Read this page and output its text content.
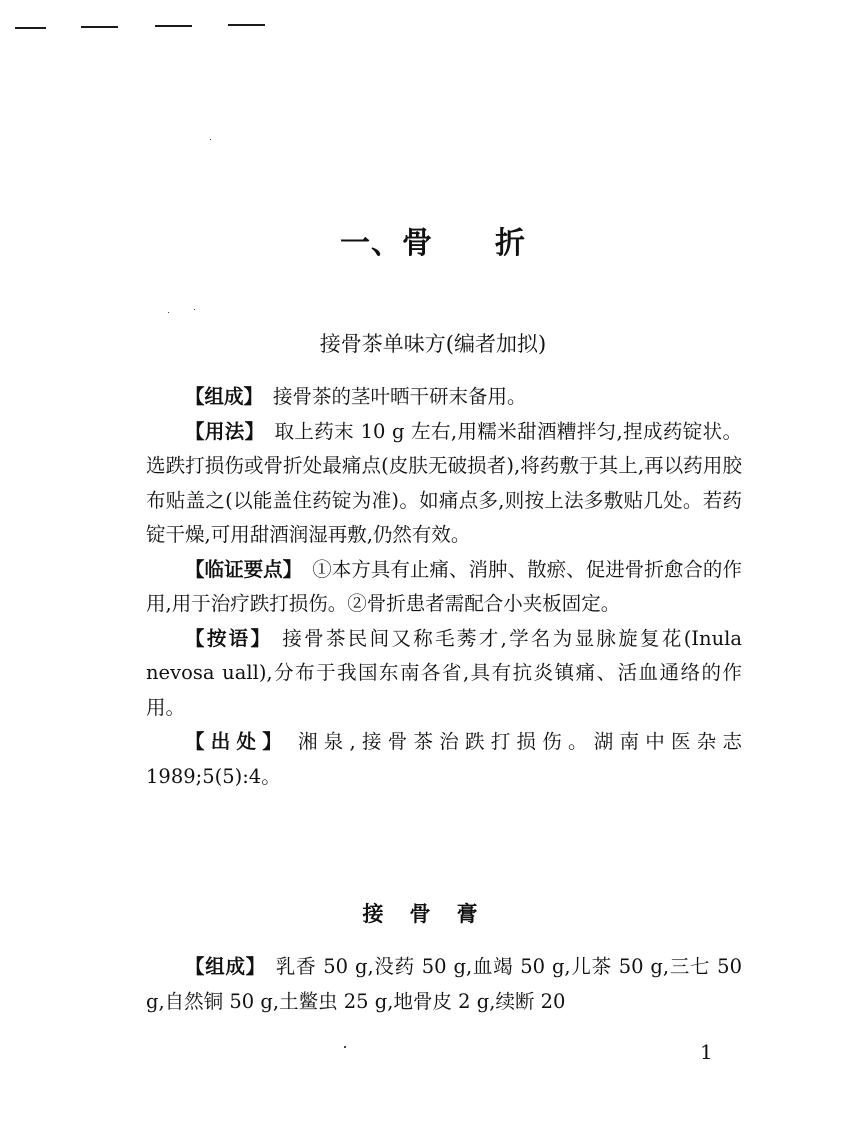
一、骨 折
接骨茶单味方(编者加拟)

【组成】 接骨茶的茎叶晒干研末备用。

【用法】 取上药末 10 g 左右,用糯米甜酒糟拌匀,捏成药锭状。选跌打损伤或骨折处最痛点(皮肤无破损者),将药敷于其上,再以药用胶布贴盖之(以能盖住药锭为准)。如痛点多,则按上法多敷贴几处。若药锭干燥,可用甜酒润湿再敷,仍然有效。

【临证要点】 ①本方具有止痛、消肿、散瘀、促进骨折愈合的作用,用于治疗跌打损伤。②骨折患者需配合小夹板固定。

【按语】 接骨茶民间又称毛莠才,学名为显脉旋复花(Inula nevosa uall),分布于我国东南各省,具有抗炎镇痛、活血通络的作用。

【出处】 湘泉,接骨茶治跌打损伤。湖南中医杂志 1989;5(5):4。

接骨膏

【组成】 乳香 50 g,没药 50 g,血竭 50 g,儿茶 50 g,三七 50 g,自然铜 50 g,土鳖虫 25 g,地骨皮 2 g,续断 20

1
